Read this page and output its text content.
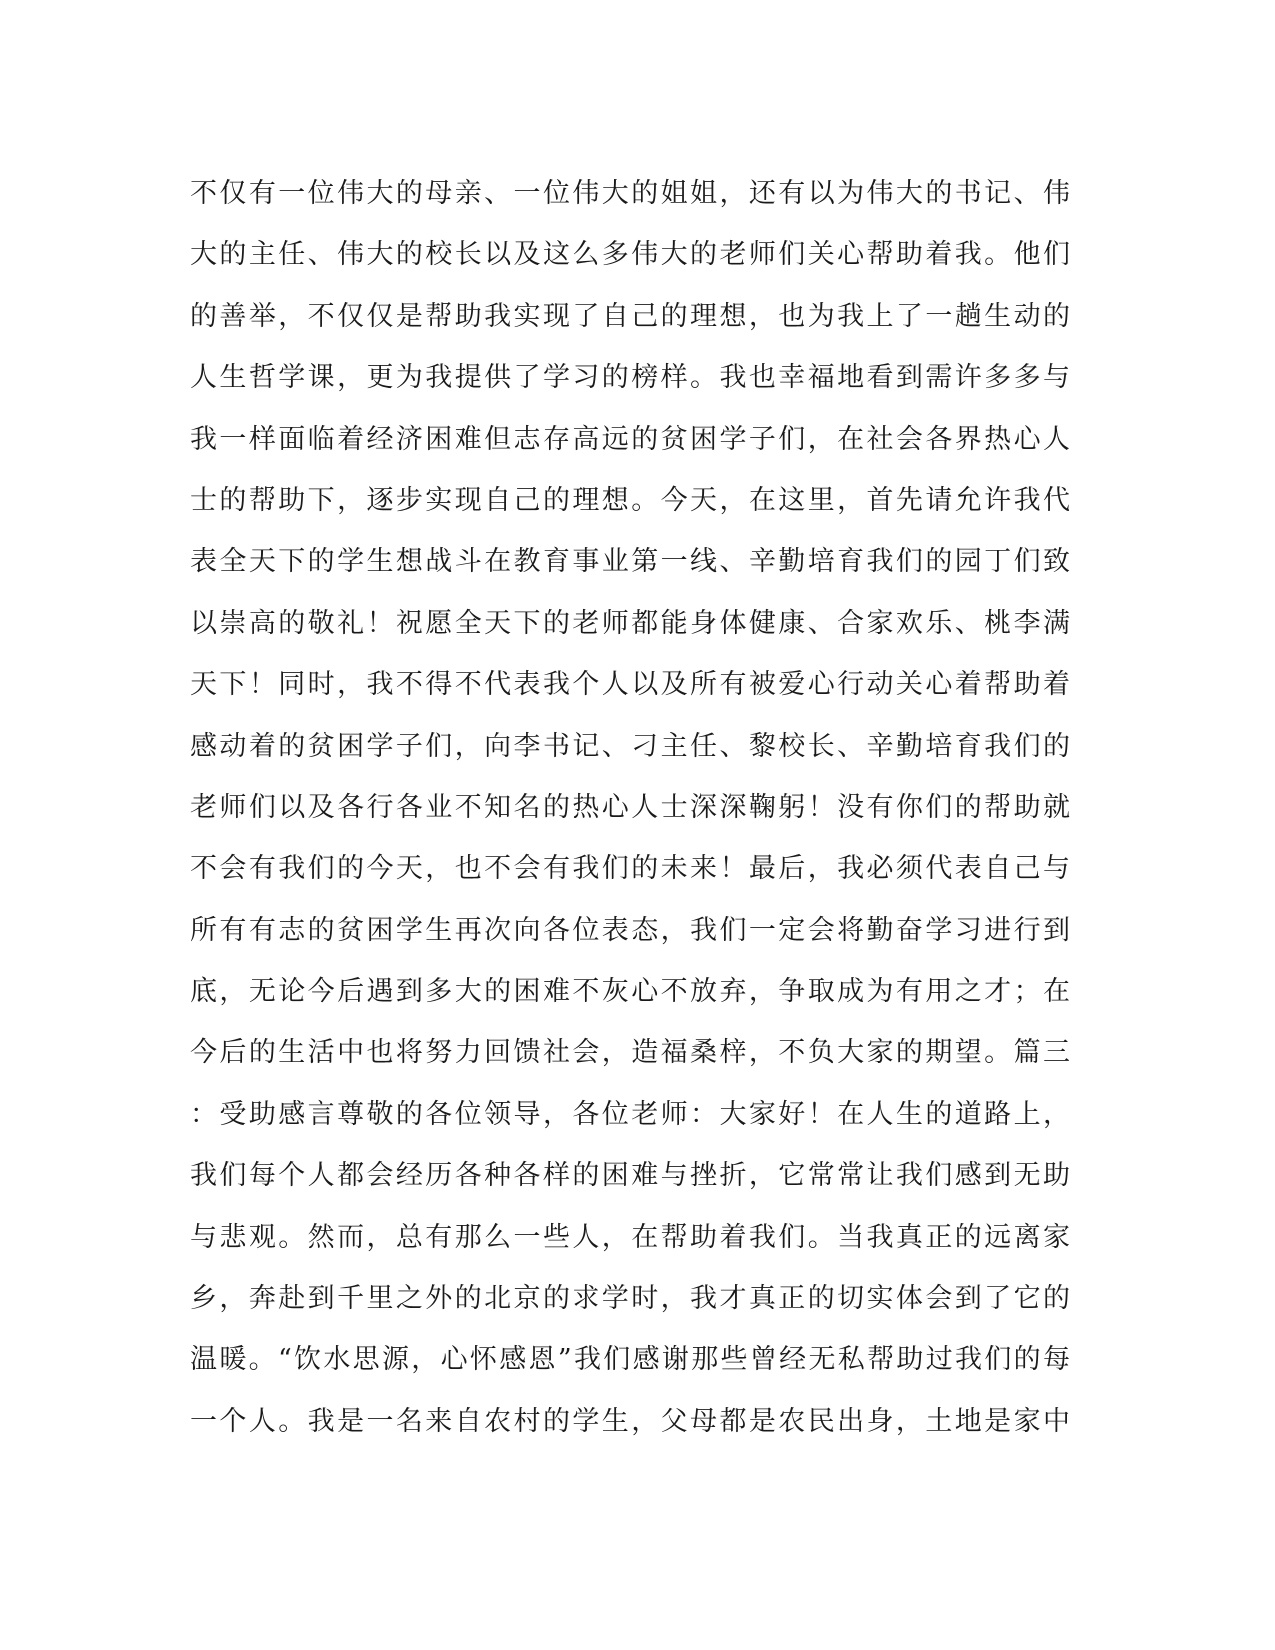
不仅有一位伟大的母亲、一位伟大的姐姐，还有以为伟大的书记、伟
大的主任、伟大的校长以及这么多伟大的老师们关心帮助着我。他们
的善举，不仅仅是帮助我实现了自己的理想，也为我上了一趟生动的
人生哲学课，更为我提供了学习的榜样。我也幸福地看到需许多多与
我一样面临着经济困难但志存高远的贫困学子们，在社会各界热心人
士的帮助下，逐步实现自己的理想。今天，在这里，首先请允许我代
表全天下的学生想战斗在教育事业第一线、辛勤培育我们的园丁们致
以崇高的敬礼！祝愿全天下的老师都能身体健康、合家欢乐、桃李满
天下！同时，我不得不代表我个人以及所有被爱心行动关心着帮助着
感动着的贫困学子们，向李书记、刁主任、黎校长、辛勤培育我们的
老师们以及各行各业不知名的热心人士深深鞠躬！没有你们的帮助就
不会有我们的今天，也不会有我们的未来！最后，我必须代表自己与
所有有志的贫困学生再次向各位表态，我们一定会将勤奋学习进行到
底，无论今后遇到多大的困难不灰心不放弃，争取成为有用之才；在
今后的生活中也将努力回馈社会，造福桑梓，不负大家的期望。篇三
：受助感言尊敬的各位领导，各位老师：大家好！在人生的道路上，
我们每个人都会经历各种各样的困难与挫折，它常常让我们感到无助
与悲观。然而，总有那么一些人，在帮助着我们。当我真正的远离家
乡，奔赴到千里之外的北京的求学时，我才真正的切实体会到了它的
温暖。“饮水思源，心怀感恩”我们感谢那些曾经无私帮助过我们的每
一个人。我是一名来自农村的学生，父母都是农民出身，土地是家中
